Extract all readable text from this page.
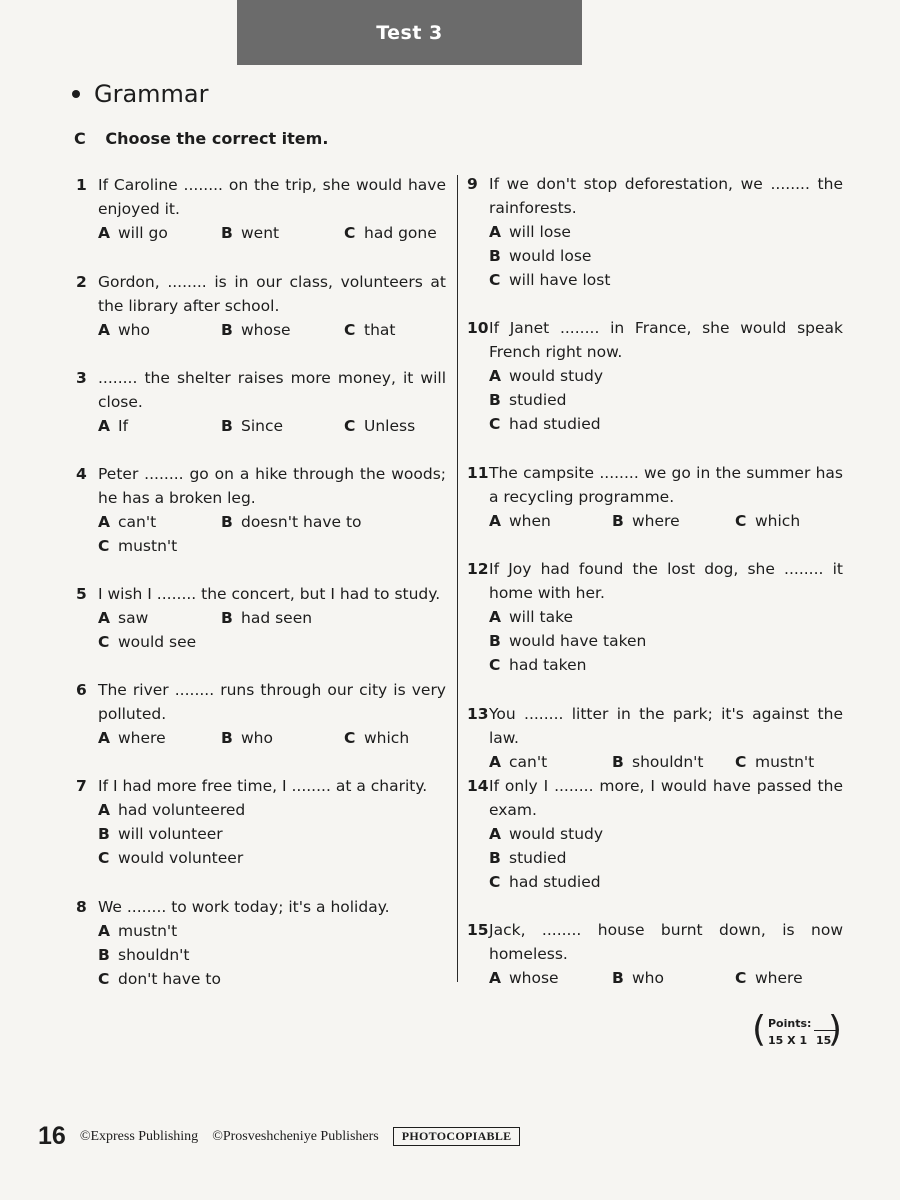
Test 3
Grammar
C Choose the correct item.
1 If Caroline ........ on the trip, she would have enjoyed it.
A will go	B went	C had gone
2 Gordon, ........ is in our class, volunteers at the library after school.
A who	B whose	C that
3 ........ the shelter raises more money, it will close.
A If	B Since	C Unless
4 Peter ........ go on a hike through the woods; he has a broken leg.
A can't	B doesn't have to
C mustn't
5 I wish I ........ the concert, but I had to study.
A saw	B had seen
C would see
6 The river ........ runs through our city is very polluted.
A where	B who	C which
7 If I had more free time, I ........ at a charity.
A had volunteered
B will volunteer
C would volunteer
8 We ........ to work today; it's a holiday.
A mustn't
B shouldn't
C don't have to
9 If we don't stop deforestation, we ........ the rainforests.
A will lose
B would lose
C will have lost
10 If Janet ........ in France, she would speak French right now.
A would study
B studied
C had studied
11 The campsite ........ we go in the summer has a recycling programme.
A when	B where	C which
12 If Joy had found the lost dog, she ........ it home with her.
A will take
B would have taken
C had taken
13 You ........ litter in the park; it's against the law.
A can't	B shouldn't C mustn't
14 If only I ........ more, I would have passed the exam.
A would study
B studied
C had studied
15 Jack, ........ house burnt down, is now homeless.
A whose	B who	C where
( Points:
15 X 1 15
)
16 ©Express Publishing ©Prosveshcheniye Publishers	PHOTOCOPIABLE
